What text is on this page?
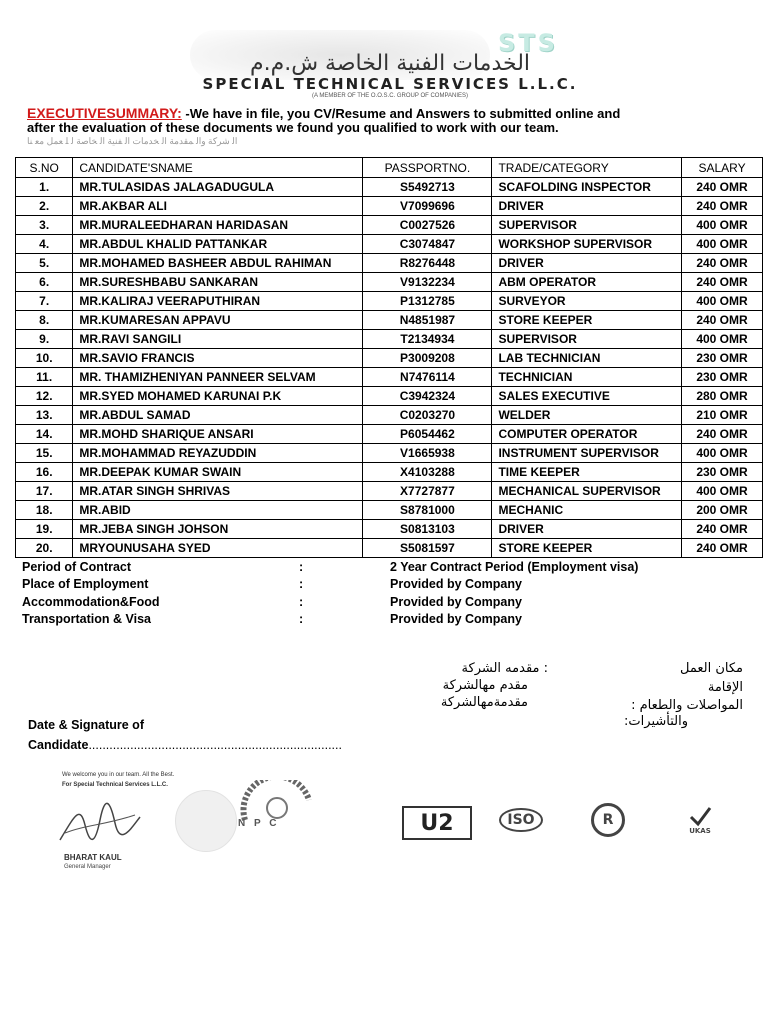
STS
الخدمات الفنية الخاصة ش.م.م
SPECIAL TECHNICAL SERVICES L.L.C.
(A MEMBER OF THE O.O.S.C. GROUP OF COMPANIES)
EXECUTIVESUMMARY: -We have in file, you CV/Resume and Answers to submitted online and after the evaluation of these documents we found you qualified to work with our team.
ﺍﻟ ﺷﺮﻛﺔ ﻭﺍﻟ ﻤﻘﺪﻣﺔ ﺍﻟ ﺨﺪﻣﺎﺕ ﺍﻟ ﻔﻨﻴﺔ ﺍﻟ ﺨﺎﺻﺔ ﻟ ﻠ ﻌﻤﻞ ﻣﻌ ﻨﺎ
S.NO	CANDIDATE'SNAME	PASSPORTNO.	TRADE/CATEGORY	SALARY
1.	MR.TULASIDAS JALAGADUGULA	S5492713	SCAFOLDING INSPECTOR	240 OMR
2.	MR.AKBAR ALI	V7099696	DRIVER	240 OMR
3.	MR.MURALEEDHARAN HARIDASAN	C0027526	SUPERVISOR	400 OMR
4.	MR.ABDUL KHALID PATTANKAR	C3074847	WORKSHOP SUPERVISOR	400 OMR
5.	MR.MOHAMED BASHEER ABDUL RAHIMAN	R8276448	DRIVER	240 OMR
6.	MR.SURESHBABU SANKARAN	V9132234	ABM OPERATOR	240 OMR
7.	MR.KALIRAJ VEERAPUTHIRAN	P1312785	SURVEYOR	400 OMR
8.	MR.KUMARESAN APPAVU	N4851987	STORE KEEPER	240 OMR
9.	MR.RAVI SANGILI	T2134934	SUPERVISOR	400 OMR
10.	MR.SAVIO FRANCIS	P3009208	LAB TECHNICIAN	230 OMR
11.	MR. THAMIZHENIYAN PANNEER SELVAM	N7476114	TECHNICIAN	230 OMR
12.	MR.SYED MOHAMED KARUNAI P.K	C3942324	SALES EXECUTIVE	280 OMR
13.	MR.ABDUL SAMAD	C0203270	WELDER	210 OMR
14.	MR.MOHD SHARIQUE ANSARI	P6054462	COMPUTER OPERATOR	240 OMR
15.	MR.MOHAMMAD REYAZUDDIN	V1665938	INSTRUMENT SUPERVISOR	400 OMR
16.	MR.DEEPAK KUMAR SWAIN	X4103288	TIME KEEPER	230 OMR
17.	MR.ATAR SINGH SHRIVAS	X7727877	MECHANICAL SUPERVISOR	400 OMR
18.	MR.ABID	S8781000	MECHANIC	200 OMR
19.	MR.JEBA SINGH JOHSON	S0813103	DRIVER	240 OMR
20.	MRYOUNUSAHA SYED	S5081597	STORE KEEPER	240 OMR
Period of Contract	:	2 Year Contract Period (Employment visa)
Place of Employment	:	Provided by Company
Accommodation&Food	:	Provided by Company
Transportation & Visa	:	Provided by Company
مكان العمل
الإقامة
المواصلات والطعام :
والتأشيرات:
: مقدمه الشركة
مقدم مهالشركة
مقدمةمهالشركة
Date & Signature of
Candidate.........................................................................
We welcome you in our team. All the Best.
For Special Technical Services L.L.C.
BHARAT KAUL
General Manager
N P C	U2	ISO	R
UKAS
